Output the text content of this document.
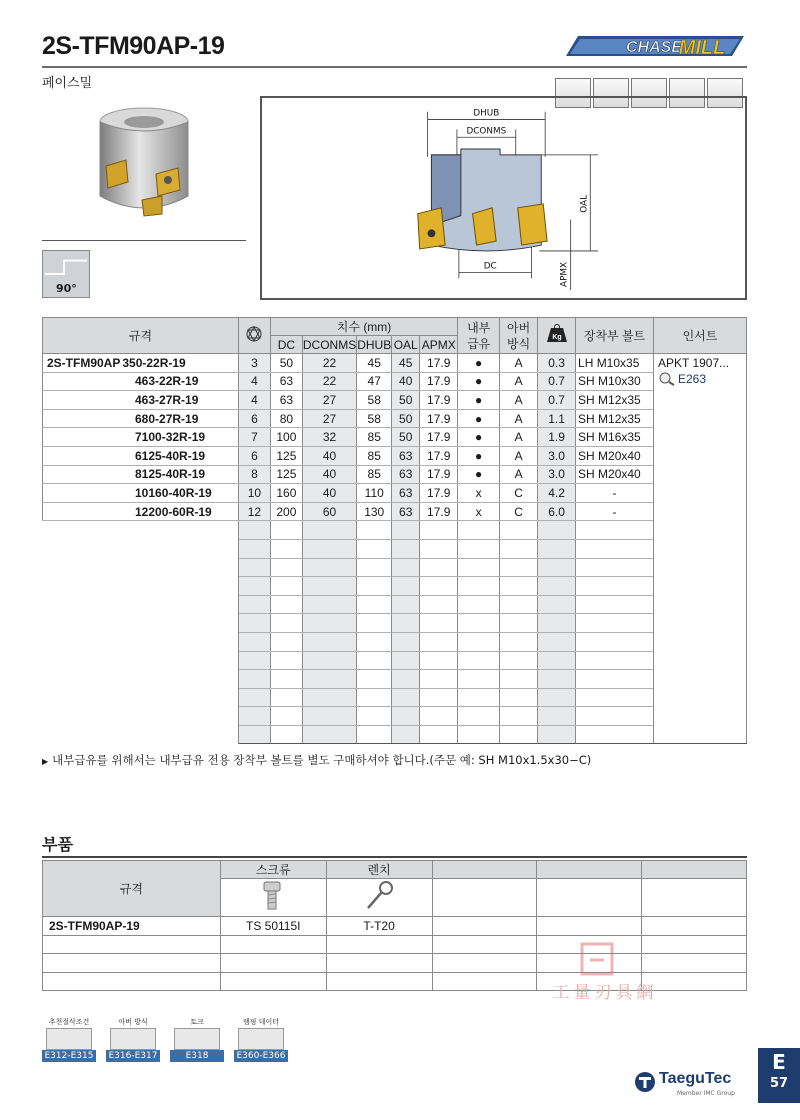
2S-TFM90AP-19	CHASE
MILL
페이스밀
90°
DHUB
DCONMS
DC
OAL
APMX
규격		치수 (mm)					내부
급유	아버
방식	Kg	장착부 볼트	인서트
		DC	DCONMS	DHUB	OAL	APMX					
2S-TFM90AP 350-22R-19	3	50	22	45	45	17.9	●	A	0.3	LH M10x35	APKT 1907...
E263

463-22R-19	4	63	22	47	40	17.9	●	A	0.7	SH M10x30	
463-27R-19	4	63	27	58	50	17.9	●	A	0.7	SH M12x35	
680-27R-19	6	80	27	58	50	17.9	●	A	1.1	SH M12x35	
7100-32R-19	7	100	32	85	50	17.9	●	A	1.9	SH M16x35	
6125-40R-19	6	125	40	85	63	17.9	●	A	3.0	SH M20x40	
8125-40R-19	8	125	40	85	63	17.9	●	A	3.0	SH M20x40	
10160-40R-19	10	160	40	110	63	17.9	x	C	4.2	-	
12200-60R-19	12	200	60	130	63	17.9	x	C	6.0	-	

▶ 내부급유를 위해서는 내부급유 전용 장착부 볼트를 별도 구매하셔야 합니다.(주문 예: SH M10x1.5x30−C)
부품
규격	스크류	렌치			

2S-TFM90AP-19	TS 50115I	T-T20			

工量刃具網
추천절삭조건
E312-E315
아버 방식
E316-E317
토크
E318
램핑 데이터
E360-E366
TaeguTec
Member IMC Group
E
57
